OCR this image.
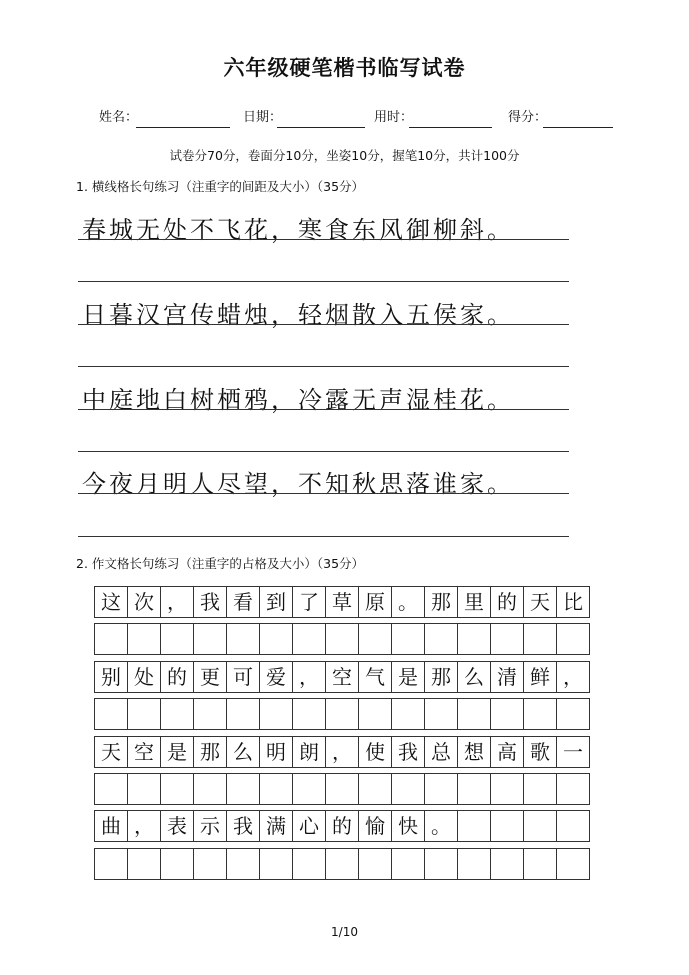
六年级硬笔楷书临写试卷
姓名：	日期：	用时：	得分：
试卷分70分，卷面分10分，坐姿10分，握笔10分，共计100分
1. 横线格长句练习（注重字的间距及大小）（35分）
春城无处不飞花，寒食东风御柳斜。
日暮汉宫传蜡烛，轻烟散入五侯家。
中庭地白树栖鸦，冷露无声湿桂花。
今夜月明人尽望，不知秋思落谁家。
2. 作文格长句练习（注重字的占格及大小）（35分）
这 次 ， 我 看 到 了 草 原 。 那 里 的 天 比
别 处 的 更 可 爱 ， 空 气 是 那 么 清 鲜 ，
天 空 是 那 么 明 朗 ， 使 我 总 想 高 歌 一
曲 ， 表 示 我 满 心 的 愉 快 。
1/10
